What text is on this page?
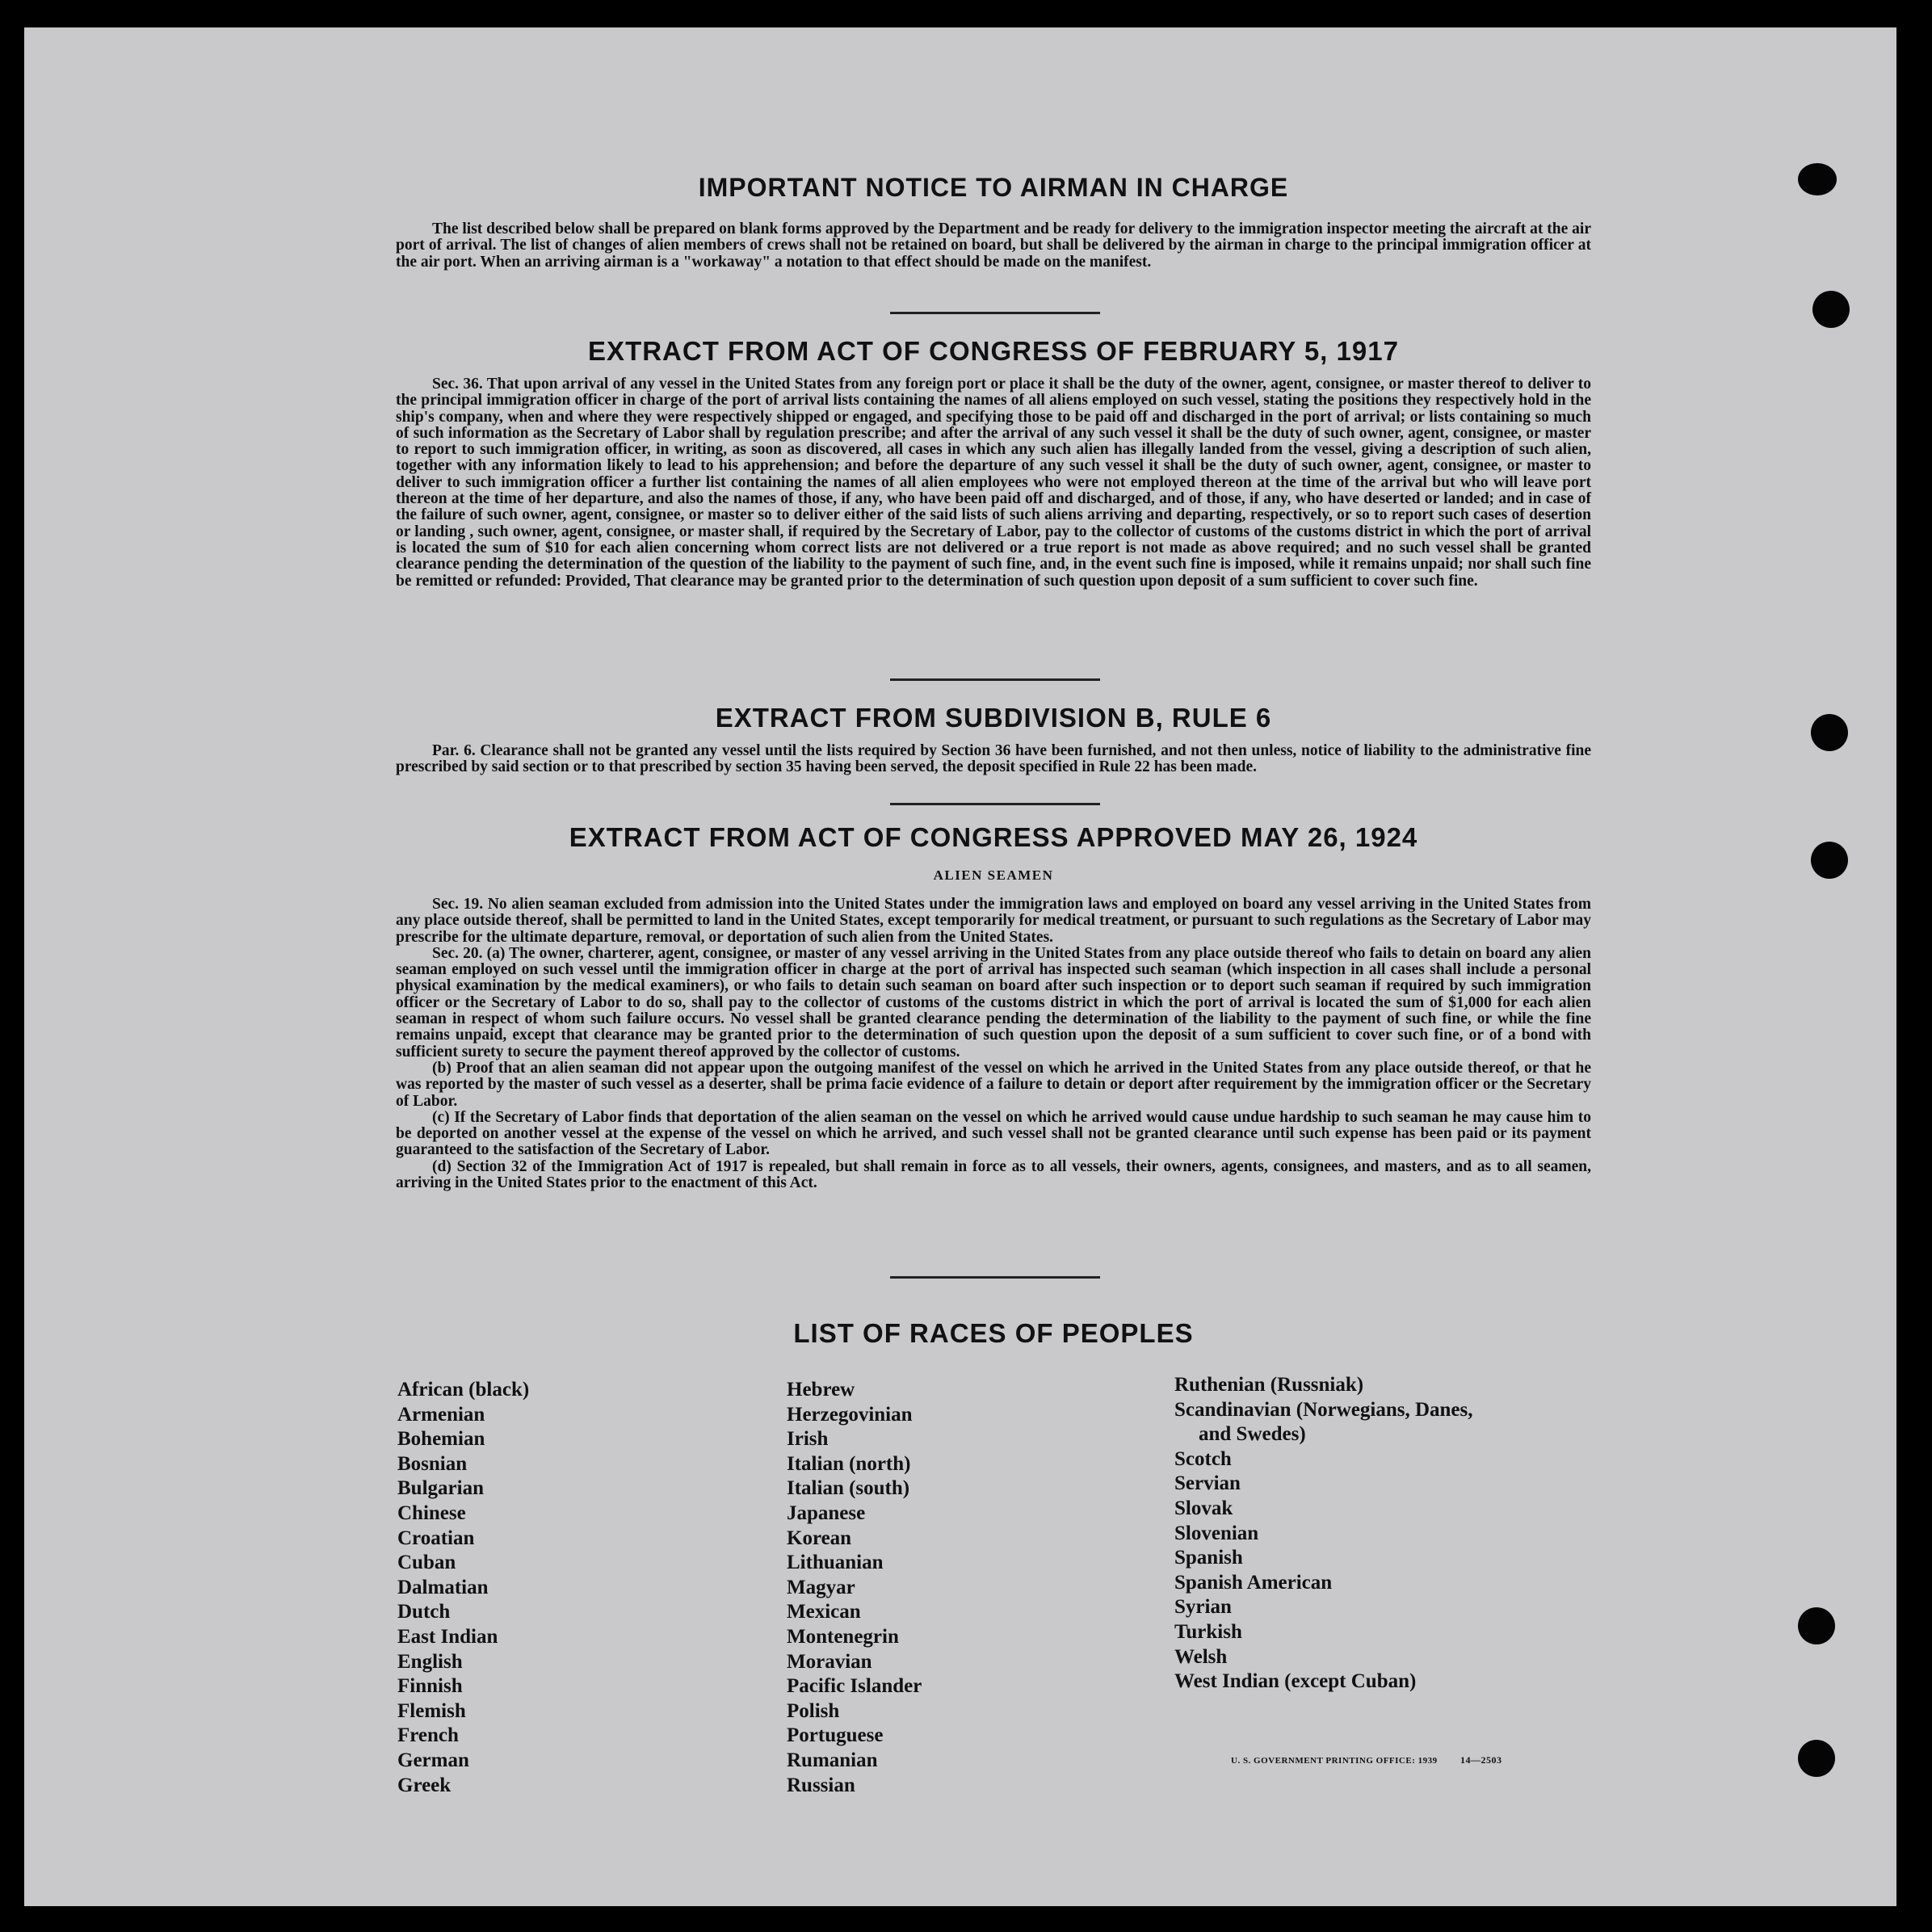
IMPORTANT NOTICE TO AIRMAN IN CHARGE

The list described below shall be prepared on blank forms approved by the Department and be ready for delivery to the immigration inspector meeting the aircraft at the air port of arrival. The list of changes of alien members of crews shall not be retained on board, but shall be delivered by the airman in charge to the principal immigration officer at the air port. When an arriving airman is a "workaway" a notation to that effect should be made on the manifest.

EXTRACT FROM ACT OF CONGRESS OF FEBRUARY 5, 1917

Sec. 36. That upon arrival of any vessel in the United States from any foreign port or place it shall be the duty of the owner, agent, consignee, or master thereof to deliver to the principal immigration officer in charge of the port of arrival lists containing the names of all aliens employed on such vessel, stating the positions they respectively hold in the ship's company, when and where they were respectively shipped or engaged, and specifying those to be paid off and discharged in the port of arrival; or lists containing so much of such information as the Secretary of Labor shall by regulation prescribe; and after the arrival of any such vessel it shall be the duty of such owner, agent, consignee, or master to report to such immigration officer, in writing, as soon as discovered, all cases in which any such alien has illegally landed from the vessel, giving a description of such alien, together with any information likely to lead to his apprehension; and before the departure of any such vessel it shall be the duty of such owner, agent, consignee, or master to deliver to such immigration officer a further list containing the names of all alien employees who were not employed thereon at the time of the arrival but who will leave port thereon at the time of her departure, and also the names of those, if any, who have been paid off and discharged, and of those, if any, who have deserted or landed; and in case of the failure of such owner, agent, consignee, or master so to deliver either of the said lists of such aliens arriving and departing, respectively, or so to report such cases of desertion or landing , such owner, agent, consignee, or master shall, if required by the Secretary of Labor, pay to the collector of customs of the customs district in which the port of arrival is located the sum of $10 for each alien concerning whom correct lists are not delivered or a true report is not made as above required; and no such vessel shall be granted clearance pending the determination of the question of the liability to the payment of such fine, and, in the event such fine is imposed, while it remains unpaid; nor shall such fine be remitted or refunded: Provided, That clearance may be granted prior to the determination of such question upon deposit of a sum sufficient to cover such fine.

EXTRACT FROM SUBDIVISION B, RULE 6

Par. 6. Clearance shall not be granted any vessel until the lists required by Section 36 have been furnished, and not then unless, notice of liability to the administrative fine prescribed by said section or to that prescribed by section 35 having been served, the deposit specified in Rule 22 has been made.

EXTRACT FROM ACT OF CONGRESS APPROVED MAY 26, 1924
ALIEN SEAMEN

Sec. 19. No alien seaman excluded from admission into the United States under the immigration laws and employed on board any vessel arriving in the United States from any place outside thereof, shall be permitted to land in the United States, except temporarily for medical treatment, or pursuant to such regulations as the Secretary of Labor may prescribe for the ultimate departure, removal, or deportation of such alien from the United States.

Sec. 20. (a) The owner, charterer, agent, consignee, or master of any vessel arriving in the United States from any place outside thereof who fails to detain on board any alien seaman employed on such vessel until the immigration officer in charge at the port of arrival has inspected such seaman (which inspection in all cases shall include a personal physical examination by the medical examiners), or who fails to detain such seaman on board after such inspection or to deport such seaman if required by such immigration officer or the Secretary of Labor to do so, shall pay to the collector of customs of the customs district in which the port of arrival is located the sum of $1,000 for each alien seaman in respect of whom such failure occurs. No vessel shall be granted clearance pending the determination of the liability to the payment of such fine, or while the fine remains unpaid, except that clearance may be granted prior to the determination of such question upon the deposit of a sum sufficient to cover such fine, or of a bond with sufficient surety to secure the payment thereof approved by the collector of customs.

(b) Proof that an alien seaman did not appear upon the outgoing manifest of the vessel on which he arrived in the United States from any place outside thereof, or that he was reported by the master of such vessel as a deserter, shall be prima facie evidence of a failure to detain or deport after requirement by the immigration officer or the Secretary of Labor.

(c) If the Secretary of Labor finds that deportation of the alien seaman on the vessel on which he arrived would cause undue hardship to such seaman he may cause him to be deported on another vessel at the expense of the vessel on which he arrived, and such vessel shall not be granted clearance until such expense has been paid or its payment guaranteed to the satisfaction of the Secretary of Labor.

(d) Section 32 of the Immigration Act of 1917 is repealed, but shall remain in force as to all vessels, their owners, agents, consignees, and masters, and as to all seamen, arriving in the United States prior to the enactment of this Act.

LIST OF RACES OF PEOPLES
African (black)
Armenian
Bohemian
Bosnian
Bulgarian
Chinese
Croatian
Cuban
Dalmatian
Dutch
East Indian
English
Finnish
Flemish
French
German
Greek
Hebrew
Herzegovinian
Irish
Italian (north)
Italian (south)
Japanese
Korean
Lithuanian
Magyar
Mexican
Montenegrin
Moravian
Pacific Islander
Polish
Portuguese
Rumanian
Russian
Ruthenian (Russniak)
Scandinavian (Norwegians, Danes,
and Swedes)
Scotch
Servian
Slovak
Slovenian
Spanish
Spanish American
Syrian
Turkish
Welsh
West Indian (except Cuban)
U. S. GOVERNMENT PRINTING OFFICE: 1939 14—2503
